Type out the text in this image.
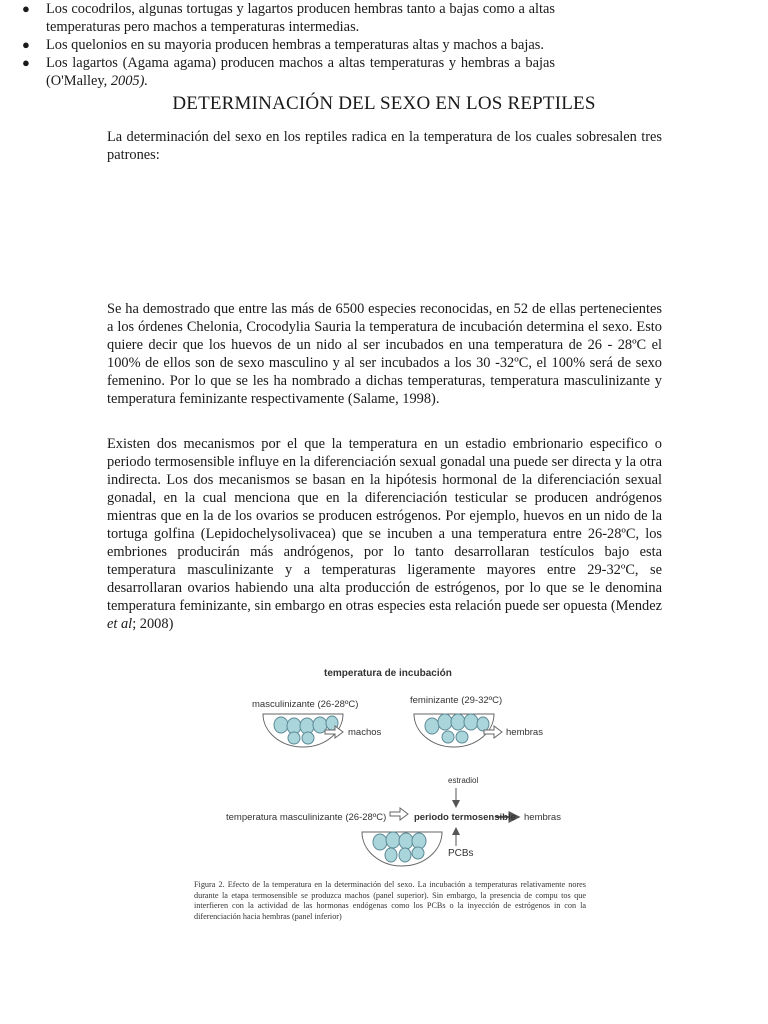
DETERMINACIÓN DEL SEXO EN LOS REPTILES
La determinación del sexo en los reptiles radica en la temperatura de los cuales sobresalen tres patrones:
● Los cocodrilos, algunas tortugas y lagartos producen hembras tanto a bajas como a altas temperaturas pero machos a temperaturas intermedias.
● Los quelonios en su mayoria producen hembras a temperaturas altas y machos a bajas.
● Los lagartos (Agama agama) producen machos a altas temperaturas y hembras a bajas (O'Malley, 2005).
Se ha demostrado que entre las más de 6500 especies reconocidas, en 52 de ellas pertenecientes a los órdenes Chelonia, Crocodylia Sauria la temperatura de incubación determina el sexo. Esto quiere decir que los huevos de un nido al ser incubados en una temperatura de 26 - 28ºC el 100% de ellos son de sexo masculino y al ser incubados a los 30 -32ºC, el 100% será de sexo femenino. Por lo que se les ha nombrado a dichas temperaturas, temperatura masculinizante y temperatura feminizante respectivamente (Salame, 1998).
Existen dos mecanismos por el que la temperatura en un estadio embrionario especifico o periodo termosensible influye en la diferenciación sexual gonadal una puede ser directa y la otra indirecta. Los dos mecanismos se basan en la hipótesis hormonal de la diferenciación sexual gonadal, en la cual menciona que en la diferenciación testicular se producen andrógenos mientras que en la de los ovarios se producen estrógenos. Por ejemplo, huevos en un nido de la tortuga golfina (Lepidochelysolivacea) que se incuben a una temperatura entre 26-28ºC, los embriones producirán más andrógenos, por lo tanto desarrollaran testículos bajo esta temperatura masculinizante y a temperaturas ligeramente mayores entre 29-32ºC, se desarrollaran ovarios habiendo una alta producción de estrógenos, por lo que se le denomina temperatura feminizante, sin embargo en otras especies esta relación puede ser opuesta (Mendez et al; 2008)
temperatura de incubación
masculinizante (26-28ºC)	feminizante (29-32ºC)
machos	hembras
estradiol
temperatura masculinizante (26-28ºC)	periodo termosensible hembras
PCBs
Figura 2. Efecto de la temperatura en la determinación del sexo. La incubación a temperaturas relativamente nores durante la etapa termosensible se produzca machos (panel superior). Sin embargo, la presencia de compu tos que interfieren con la actividad de las hormonas endógenas como los PCBs o la inyección de estrógenos in con la diferenciación hacia hembras (panel inferior)
